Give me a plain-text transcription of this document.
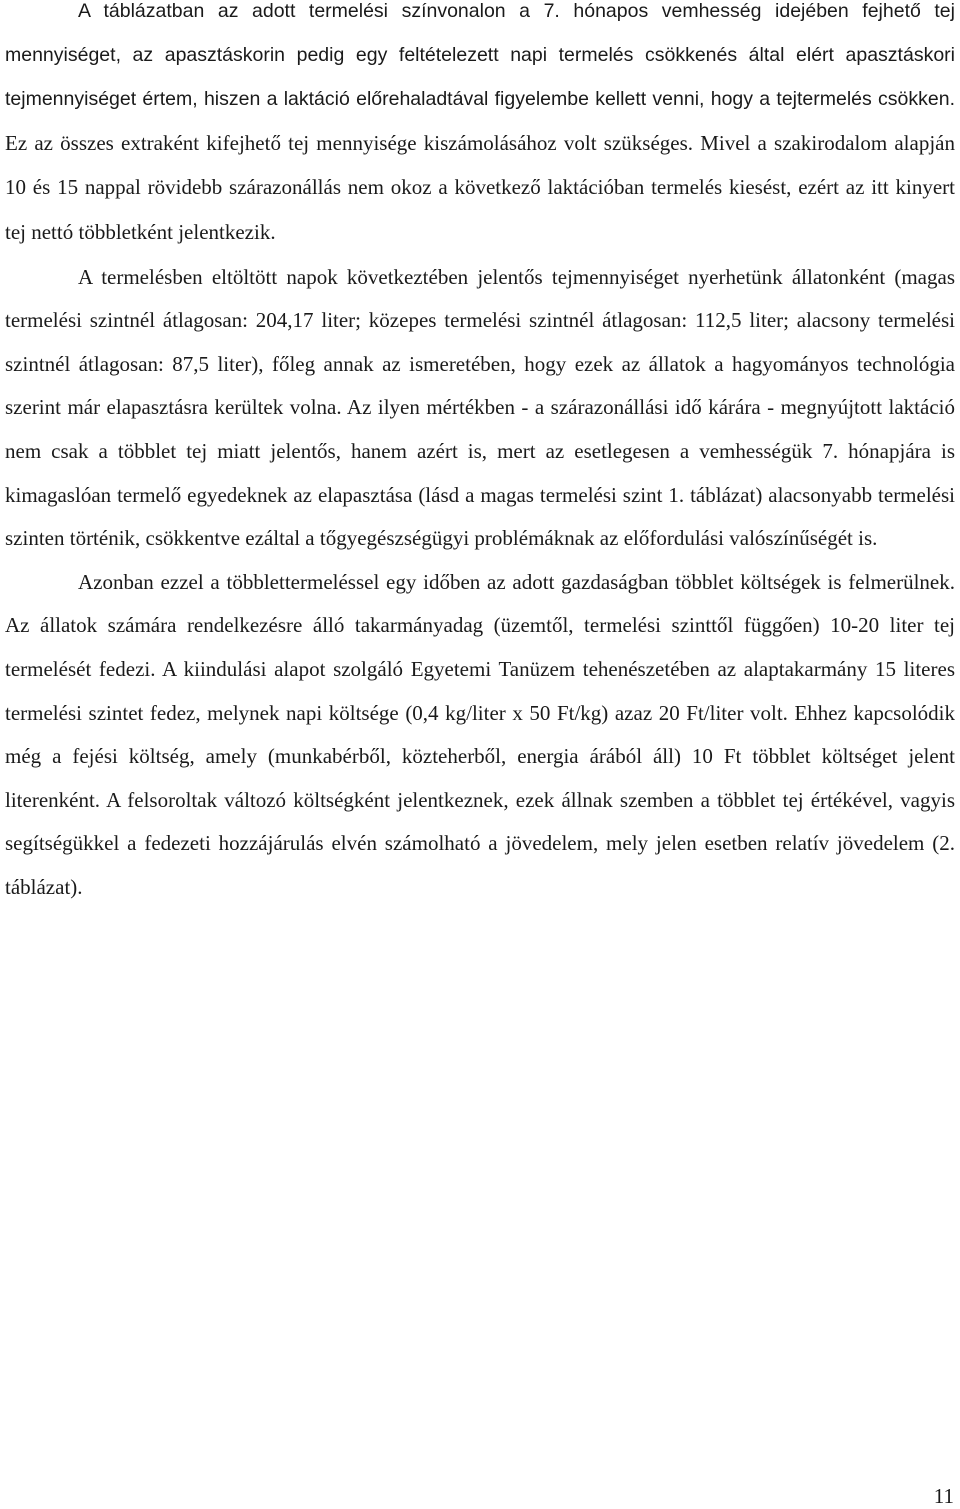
A táblázatban az adott termelési színvonalon a 7. hónapos vemhesség idejében fejhető tej mennyiséget, az apasztáskorin pedig egy feltételezett napi termelés csökkenés által elért apasztáskori tejmennyiséget értem, hiszen a laktáció előrehaladtával figyelembe kellett venni, hogy a tejtermelés csökken. Ez az összes extraként kifejhető tej mennyisége kiszámolásához volt szükséges. Mivel a szakirodalom alapján 10 és 15 nappal rövidebb szárazonállás nem okoz a következő laktációban termelés kiesést, ezért az itt kinyert tej nettó többletként jelentkezik.

A termelésben eltöltött napok következtében jelentős tejmennyiséget nyerhetünk állatonként (magas termelési szintnél átlagosan: 204,17 liter; közepes termelési szintnél átlagosan: 112,5 liter; alacsony termelési szintnél átlagosan: 87,5 liter), főleg annak az ismeretében, hogy ezek az állatok a hagyományos technológia szerint már elapasztásra kerültek volna. Az ilyen mértékben - a szárazonállási idő kárára - megnyújtott laktáció nem csak a többlet tej miatt jelentős, hanem azért is, mert az esetlegesen a vemhességük 7. hónapjára is kimagaslóan termelő egyedeknek az elapasztása (lásd a magas termelési szint 1. táblázat) alacsonyabb termelési szinten történik, csökkentve ezáltal a tőgyegészségügyi problémáknak az előfordulási valószínűségét is.

Azonban ezzel a többlettermeléssel egy időben az adott gazdaságban többlet költségek is felmerülnek. Az állatok számára rendelkezésre álló takarmányadag (üzemtől, termelési szinttől függően) 10-20 liter tej termelését fedezi. A kiindulási alapot szolgáló Egyetemi Tanüzem tehenészetében az alaptakarmány 15 literes termelési szintet fedez, melynek napi költsége (0,4 kg/liter x 50 Ft/kg) azaz 20 Ft/liter volt. Ehhez kapcsolódik még a fejési költség, amely (munkabérből, közteherből, energia árából áll) 10 Ft többlet költséget jelent literenként. A felsoroltak változó költségként jelentkeznek, ezek állnak szemben a többlet tej értékével, vagyis segítségükkel a fedezeti hozzájárulás elvén számolható a jövedelem, mely jelen esetben relatív jövedelem (2. táblázat).

11
